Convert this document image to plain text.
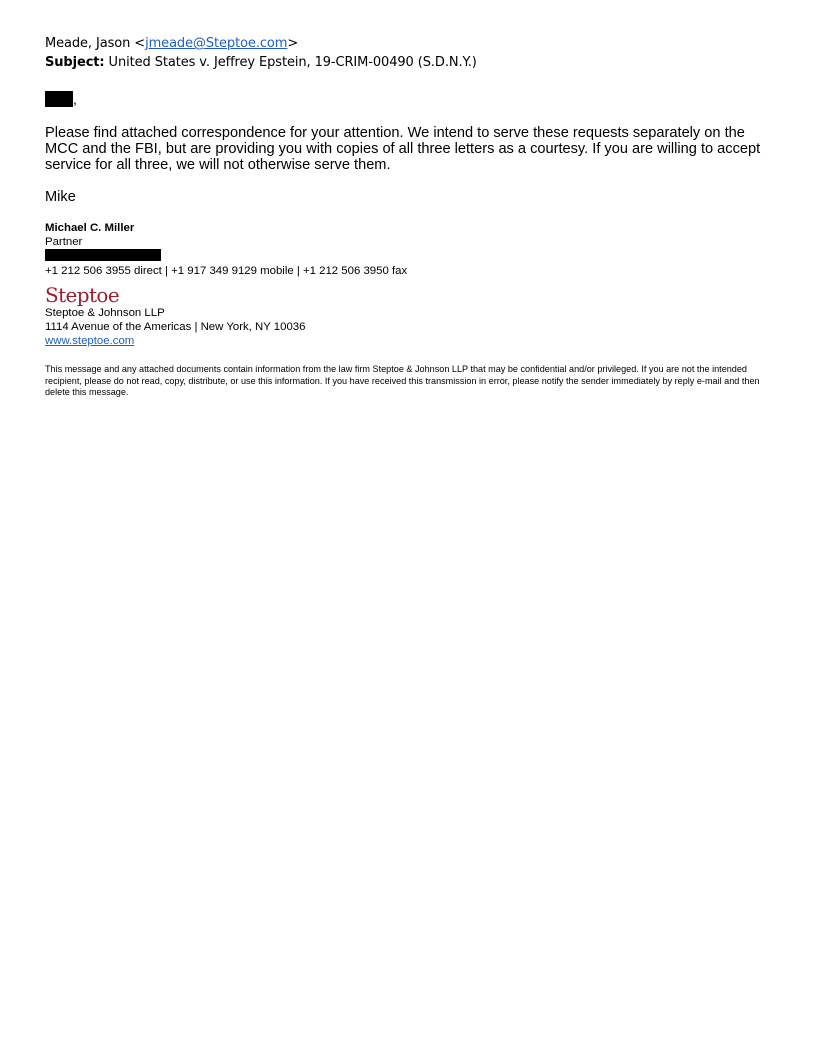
Meade, Jason <jmeade@Steptoe.com>
Subject: United States v. Jeffrey Epstein, 19-CRIM-00490 (S.D.N.Y.)
,
Please find attached correspondence for your attention. We intend to serve these requests separately on the MCC and the FBI, but are providing you with copies of all three letters as a courtesy. If you are willing to accept service for all three, we will not otherwise serve them.
Mike
Michael C. Miller
Partner
+1 212 506 3955 direct | +1 917 349 9129 mobile | +1 212 506 3950 fax
Steptoe
Steptoe & Johnson LLP
1114 Avenue of the Americas | New York, NY 10036
www.steptoe.com
This message and any attached documents contain information from the law firm Steptoe & Johnson LLP that may be confidential and/or privileged. If you are not the intended recipient, please do not read, copy, distribute, or use this information. If you have received this transmission in error, please notify the sender immediately by reply e-mail and then delete this message.
